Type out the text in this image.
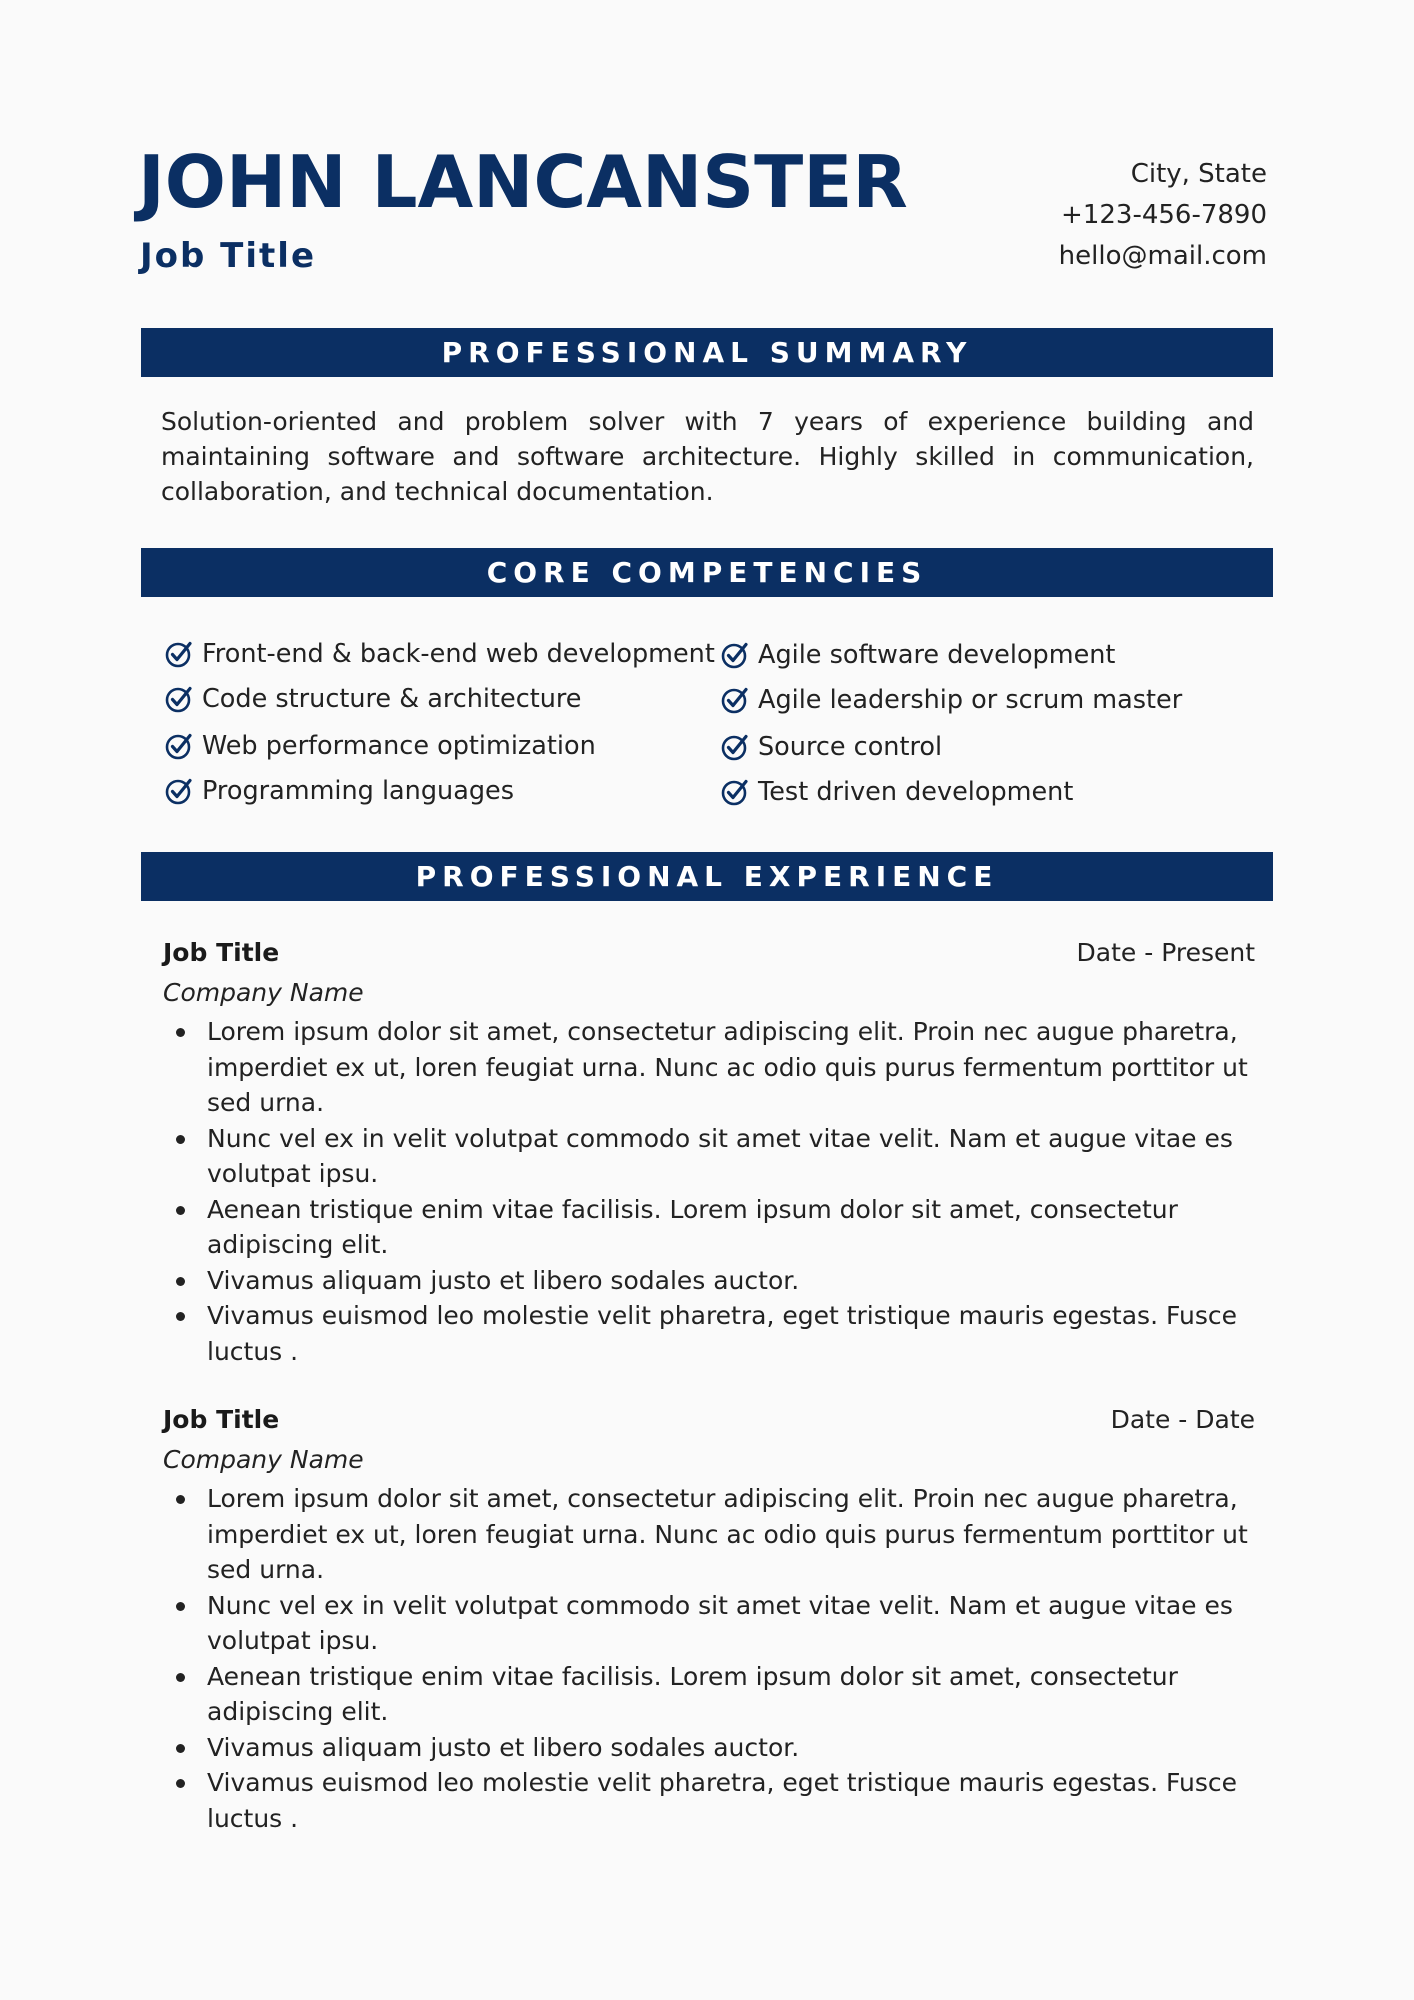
JOHN LANCANSTER
Job Title
City, State
+123-456-7890
hello@mail.com
PROFESSIONAL SUMMARY
Solution-oriented and problem solver with 7 years of experience building and maintaining software and software architecture. Highly skilled in communication, collaboration, and technical documentation.
CORE COMPETENCIES
Front-end & back-end web development
Code structure & architecture
Web performance optimization
Programming languages
Agile software development
Agile leadership or scrum master
Source control
Test driven development
PROFESSIONAL EXPERIENCE
Job Title	Date - Present
Company Name
Lorem ipsum dolor sit amet, consectetur adipiscing elit. Proin nec augue pharetra, imperdiet ex ut, loren feugiat urna. Nunc ac odio quis purus fermentum porttitor ut sed urna.
Nunc vel ex in velit volutpat commodo sit amet vitae velit. Nam et augue vitae es volutpat ipsu.
Aenean tristique enim vitae facilisis. Lorem ipsum dolor sit amet, consectetur adipiscing elit.
Vivamus aliquam justo et libero sodales auctor.
Vivamus euismod leo molestie velit pharetra, eget tristique mauris egestas. Fusce luctus .
Job Title	Date - Date
Company Name
Lorem ipsum dolor sit amet, consectetur adipiscing elit. Proin nec augue pharetra, imperdiet ex ut, loren feugiat urna. Nunc ac odio quis purus fermentum porttitor ut sed urna.
Nunc vel ex in velit volutpat commodo sit amet vitae velit. Nam et augue vitae es volutpat ipsu.
Aenean tristique enim vitae facilisis. Lorem ipsum dolor sit amet, consectetur adipiscing elit.
Vivamus aliquam justo et libero sodales auctor.
Vivamus euismod leo molestie velit pharetra, eget tristique mauris egestas. Fusce luctus .
